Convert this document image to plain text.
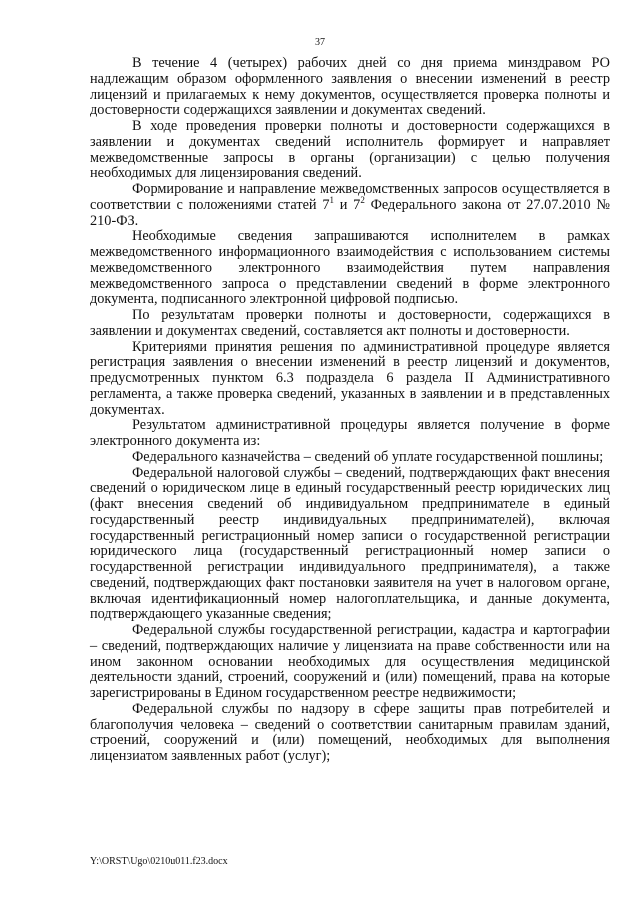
37

В течение 4 (четырех) рабочих дней со дня приема минздравом РО надлежащим образом оформленного заявления о внесении изменений в реестр лицензий и прилагаемых к нему документов, осуществляется проверка полноты и достоверности содержащихся заявлении и документах сведений.

В ходе проведения проверки полноты и достоверности содержащихся в заявлении и документах сведений исполнитель формирует и направляет межведомственные запросы в органы (организации) с целью получения необходимых для лицензирования сведений.

Формирование и направление межведомственных запросов осуществляется в соответствии с положениями статей $7^1$ и $7^2$ Федерального закона от 27.07.2010 № 210-ФЗ.

Необходимые сведения запрашиваются исполнителем в рамках межведомственного информационного взаимодействия с использованием системы межведомственного электронного взаимодействия путем направления межведомственного запроса о представлении сведений в форме электронного документа, подписанного электронной цифровой подписью.

По результатам проверки полноты и достоверности, содержащихся в заявлении и документах сведений, составляется акт полноты и достоверности.

Критериями принятия решения по административной процедуре является регистрация заявления о внесении изменений в реестр лицензий и документов, предусмотренных пунктом 6.3 подраздела 6 раздела II Административного регламента, а также проверка сведений, указанных в заявлении и в представленных документах.

Результатом административной процедуры является получение в форме электронного документа из:

Федерального казначейства – сведений об уплате государственной пошлины;

Федеральной налоговой службы – сведений, подтверждающих факт внесения сведений о юридическом лице в единый государственный реестр юридических лиц (факт внесения сведений об индивидуальном предпринимателе в единый государственный реестр индивидуальных предпринимателей), включая государственный регистрационный номер записи о государственной регистрации юридического лица (государственный регистрационный номер записи о государственной регистрации индивидуального предпринимателя), а также сведений, подтверждающих факт постановки заявителя на учет в налоговом органе, включая идентификационный номер налогоплательщика, и данные документа, подтверждающего указанные сведения;

Федеральной службы государственной регистрации, кадастра и картографии – сведений, подтверждающих наличие у лицензиата на праве собственности или на ином законном основании необходимых для осуществления медицинской деятельности зданий, строений, сооружений и (или) помещений, права на которые зарегистрированы в Едином государственном реестре недвижимости;

Федеральной службы по надзору в сфере защиты прав потребителей и благополучия человека – сведений о соответствии санитарным правилам зданий, строений, сооружений и (или) помещений, необходимых для выполнения лицензиатом заявленных работ (услуг);

Y:\ORST\Ugo\0210u011.f23.docx
